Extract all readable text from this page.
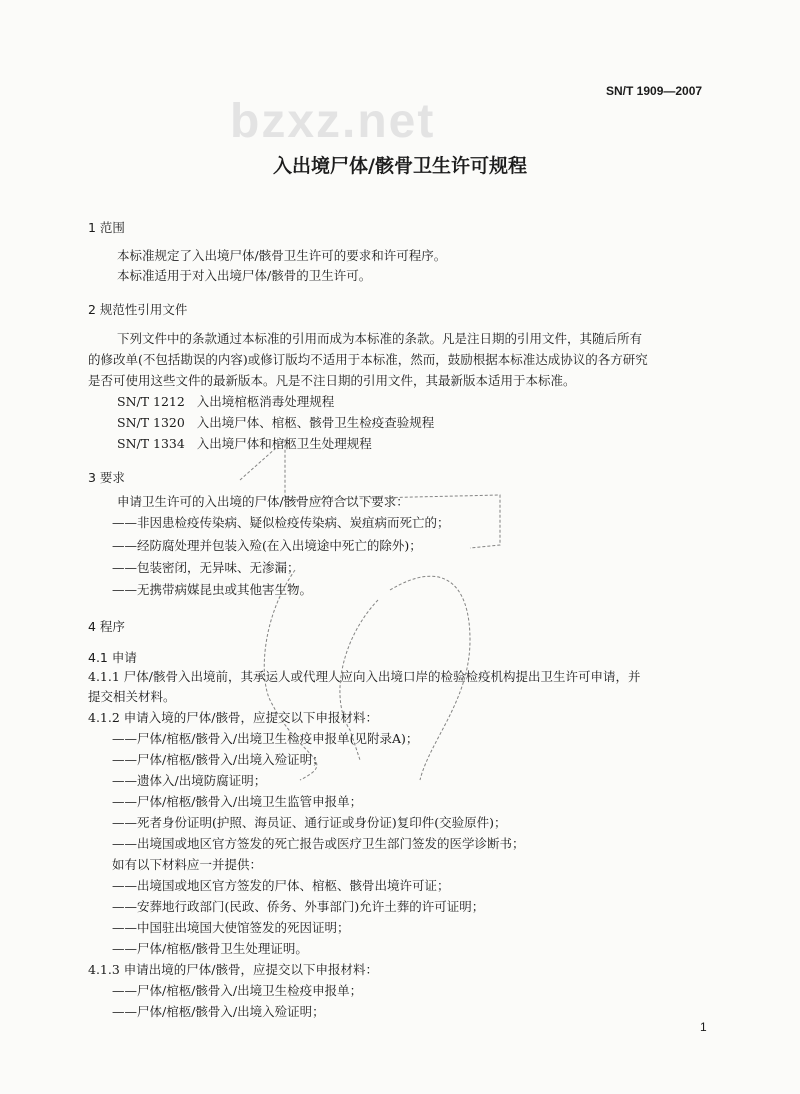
bzxz.net
SN/T 1909—2007
入出境尸体/骸骨卫生许可规程
1 范围
本标准规定了入出境尸体/骸骨卫生许可的要求和许可程序。
本标准适用于对入出境尸体/骸骨的卫生许可。
2 规范性引用文件
下列文件中的条款通过本标准的引用而成为本标准的条款。凡是注日期的引用文件，其随后所有
的修改单(不包括勘误的内容)或修订版均不适用于本标准，然而，鼓励根据本标准达成协议的各方研究
是否可使用这些文件的最新版本。凡是不注日期的引用文件，其最新版本适用于本标准。
SN/T 1212 入出境棺柩消毒处理规程
SN/T 1320 入出境尸体、棺柩、骸骨卫生检疫查验规程
SN/T 1334 入出境尸体和棺柩卫生处理规程
3 要求
申请卫生许可的入出境的尸体/骸骨应符合以下要求：
——非因患检疫传染病、疑似检疫传染病、炭疽病而死亡的；
——经防腐处理并包装入殓(在入出境途中死亡的除外)；
——包装密闭，无异味、无渗漏；
——无携带病媒昆虫或其他害生物。
4 程序
4.1 申请
4.1.1 尸体/骸骨入出境前，其承运人或代理人应向入出境口岸的检验检疫机构提出卫生许可申请，并
提交相关材料。
4.1.2 申请入境的尸体/骸骨，应提交以下申报材料：
——尸体/棺柩/骸骨入/出境卫生检疫申报单(见附录A)；
——尸体/棺柩/骸骨入/出境入殓证明；
——遗体入/出境防腐证明；
——尸体/棺柩/骸骨入/出境卫生监管申报单；
——死者身份证明(护照、海员证、通行证或身份证)复印件(交验原件)；
——出境国或地区官方签发的死亡报告或医疗卫生部门签发的医学诊断书；
如有以下材料应一并提供：
——出境国或地区官方签发的尸体、棺柩、骸骨出境许可证；
——安葬地行政部门(民政、侨务、外事部门)允许土葬的许可证明；
——中国驻出境国大使馆签发的死因证明；
——尸体/棺柩/骸骨卫生处理证明。
4.1.3 申请出境的尸体/骸骨，应提交以下申报材料：
——尸体/棺柩/骸骨入/出境卫生检疫申报单；
——尸体/棺柩/骸骨入/出境入殓证明；
1
